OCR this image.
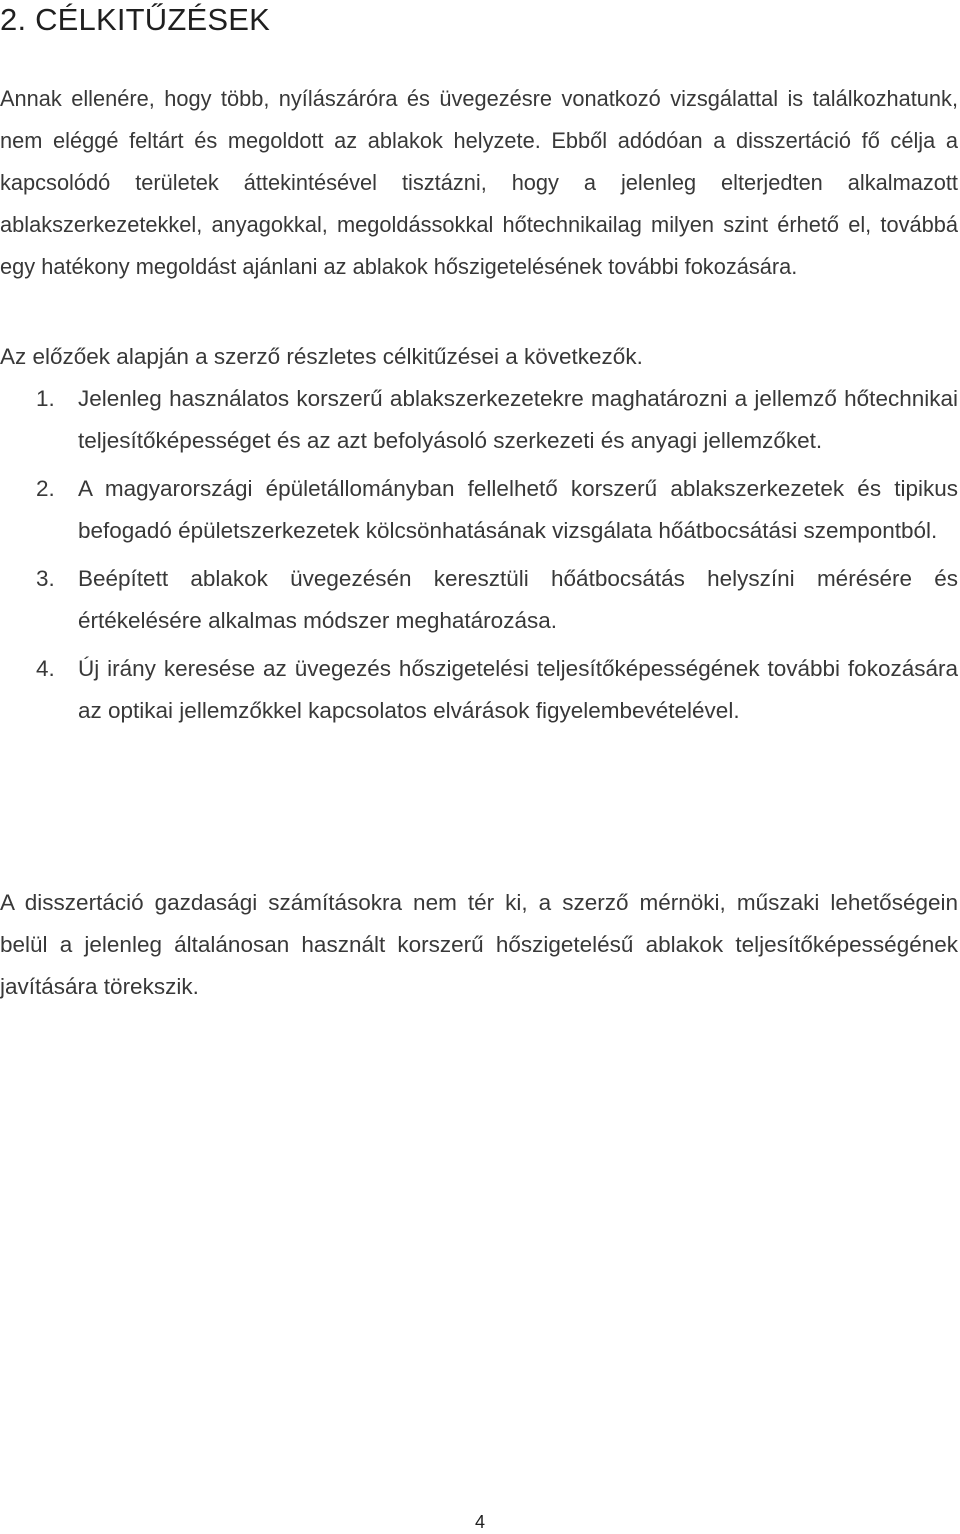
2. CÉLKITŰZÉSEK

Annak ellenére, hogy több, nyílászáróra és üvegezésre vonatkozó vizsgálattal is találkozhatunk, nem eléggé feltárt és megoldott az ablakok helyzete. Ebből adódóan a disszertáció fő célja a kapcsolódó területek áttekintésével tisztázni, hogy a jelenleg elterjedten alkalmazott ablakszerkezetekkel, anyagokkal, megoldássokkal hőtechnikailag milyen szint érhető el, továbbá egy hatékony megoldást ajánlani az ablakok hőszigetelésének további fokozására.

Az előzőek alapján a szerző részletes célkitűzései a következők.

1. Jelenleg használatos korszerű ablakszerkezetekre maghatározni a jellemző hőtechnikai teljesítőképességet és az azt befolyásoló szerkezeti és anyagi jellemzőket.
2. A magyarországi épületállományban fellelhető korszerű ablakszerkezetek és tipikus befogadó épületszerkezetek kölcsönhatásának vizsgálata hőátbocsátási szempontból.
3. Beépített ablakok üvegezésén keresztüli hőátbocsátás helyszíni mérésére és értékelésére alkalmas módszer meghatározása.
4. Új irány keresése az üvegezés hőszigetelési teljesítőképességének további fokozására az optikai jellemzőkkel kapcsolatos elvárások figyelembevételével.

A disszertáció gazdasági számításokra nem tér ki, a szerző mérnöki, műszaki lehetőségein belül a jelenleg általánosan használt korszerű hőszigetelésű ablakok teljesítőképességének javítására törekszik.

4
